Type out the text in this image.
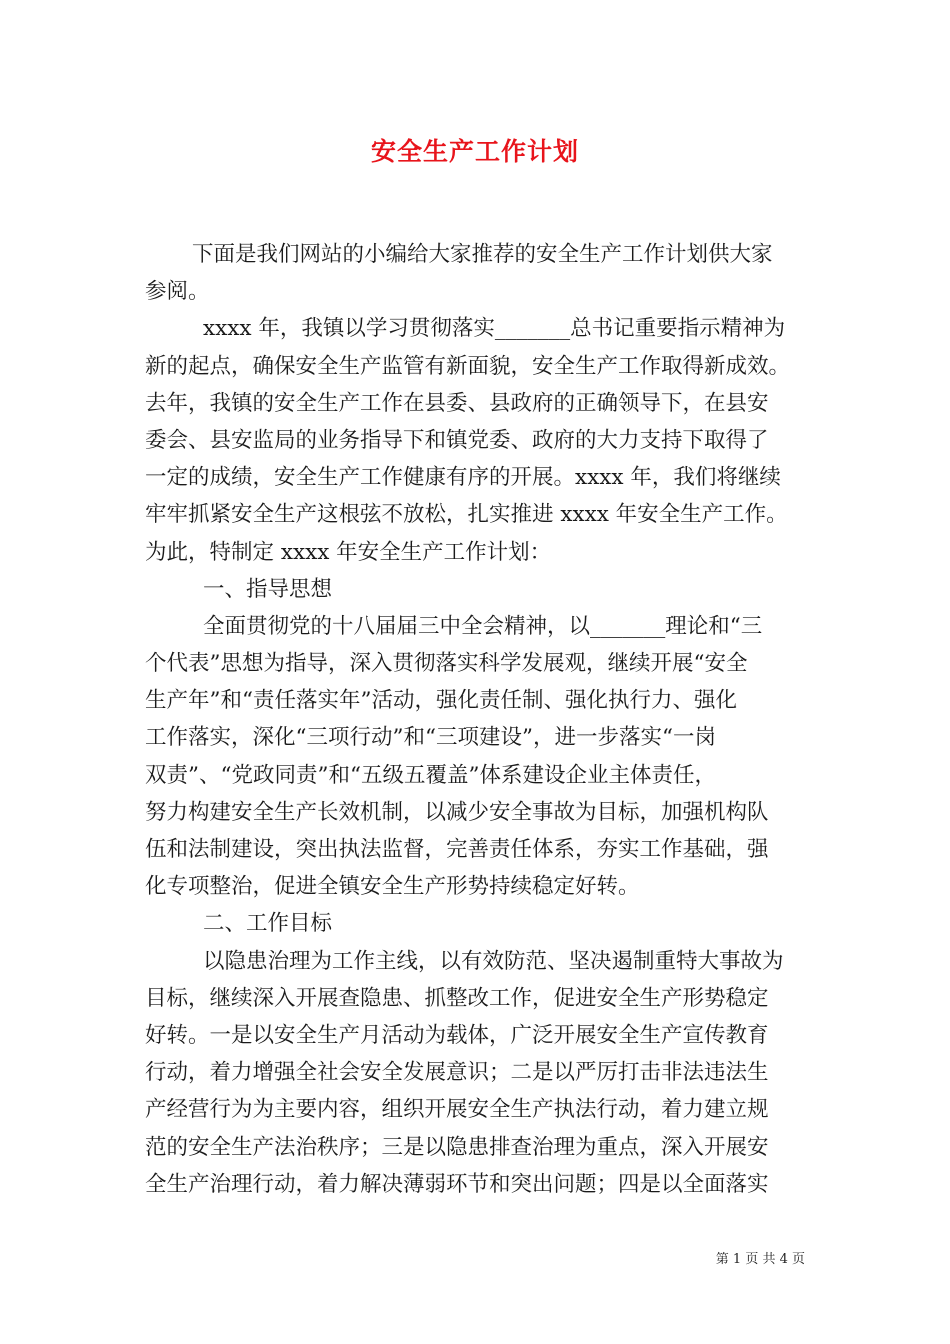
安全生产工作计划
下面是我们网站的小编给大家推荐的安全生产工作计划供大家
参阅。
xxxx 年，我镇以学习贯彻落实_______总书记重要指示精神为
新的起点，确保安全生产监管有新面貌，安全生产工作取得新成效。
去年，我镇的安全生产工作在县委、县政府的正确领导下，在县安
委会、县安监局的业务指导下和镇党委、政府的大力支持下取得了
一定的成绩，安全生产工作健康有序的开展。xxxx 年，我们将继续
牢牢抓紧安全生产这根弦不放松，扎实推进 xxxx 年安全生产工作。
为此，特制定 xxxx 年安全生产工作计划：
一、指导思想
全面贯彻党的十八届届三中全会精神，以_______理论和“三
个代表”思想为指导，深入贯彻落实科学发展观，继续开展“安全
生产年”和“责任落实年”活动，强化责任制、强化执行力、强化
工作落实，深化“三项行动”和“三项建设”，进一步落实“一岗
双责”、“党政同责”和“五级五覆盖”体系建设企业主体责任，
努力构建安全生产长效机制，以减少安全事故为目标，加强机构队
伍和法制建设，突出执法监督，完善责任体系，夯实工作基础，强
化专项整治，促进全镇安全生产形势持续稳定好转。
二、工作目标
以隐患治理为工作主线，以有效防范、坚决遏制重特大事故为
目标，继续深入开展查隐患、抓整改工作，促进安全生产形势稳定
好转。一是以安全生产月活动为载体，广泛开展安全生产宣传教育
行动，着力增强全社会安全发展意识；二是以严厉打击非法违法生
产经营行为为主要内容，组织开展安全生产执法行动，着力建立规
范的安全生产法治秩序；三是以隐患排查治理为重点，深入开展安
全生产治理行动，着力解决薄弱环节和突出问题；四是以全面落实
第 1 页 共 4 页
